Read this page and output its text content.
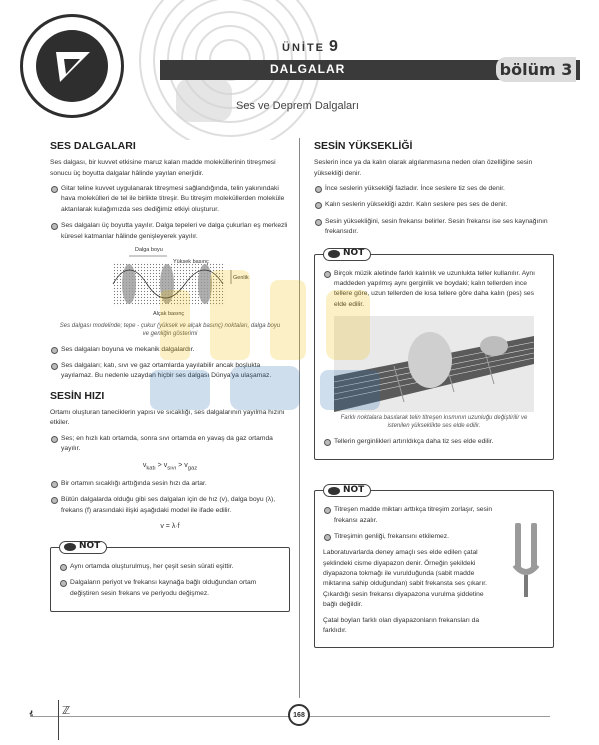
ÜNİTE 9
DALGALAR	bölüm 3
Ses ve Deprem Dalgaları
SES DALGALARI
Ses dalgası, bir kuvvet etkisine maruz kalan madde moleküllerinin titreşmesi sonucu üç boyutta dalgalar hâlinde yayılan enerjidir.
Gitar teline kuvvet uygulanarak titreşmesi sağlandığında, telin yakınındaki hava molekülleri de tel ile birlikte titreşir. Bu titreşim moleküllerden moleküle aktarılarak kulağımızda ses dediğimiz etkiyi oluşturur.
Ses dalgaları üç boyutta yayılır. Dalga tepeleri ve dalga çukurları eş merkezli küresel katmanlar hâlinde genişleyerek yayılır.
Dalga boyu
Yüksek basınç
Genlik
Alçak basınç
Ses dalgası modelinde; tepe - çukur (yüksek ve alçak basınç) noktaları, dalga boyu ve genliğin gösterimi
Ses dalgaları boyuna ve mekanik dalgalardır.
Ses dalgaları; katı, sıvı ve gaz ortamlarda yayılabilir ancak boşlukta yayılamaz. Bu nedenle uzaydan hiçbir ses dalgası Dünya'ya ulaşamaz.
SESİN HIZI
Ortamı oluşturan taneciklerin yapısı ve sıcaklığı, ses dalgalarının yayılma hızını etkiler.
Ses; en hızlı katı ortamda, sonra sıvı ortamda en yavaş da gaz ortamda yayılır.
$v_{katı} > v_{sıvı} > v_{gaz}$
Bir ortamın sıcaklığı arttığında sesin hızı da artar.
Bütün dalgalarda olduğu gibi ses dalgaları için de hız (v), dalga boyu (λ), frekans (f) arasındaki ilişki aşağıdaki model ile ifade edilir.
v = λ·f
NOT
Aynı ortamda oluşturulmuş, her çeşit sesin sürati eşittir.
Dalgaların periyot ve frekansı kaynağa bağlı olduğundan ortam değiştiren sesin frekans ve periyodu değişmez.
SESİN YÜKSEKLİĞİ
Seslerin ince ya da kalın olarak algılanmasına neden olan özelliğine sesin yüksekliği denir.
İnce seslerin yüksekliği fazladır. İnce seslere tiz ses de denir.
Kalın seslerin yüksekliği azdır. Kalın seslere pes ses de denir.
Sesin yüksekliğini, sesin frekansı belirler. Sesin frekansı ise ses kaynağının frekansıdır.
NOT
Birçok müzik aletinde farklı kalınlık ve uzunlukta teller kullanılır. Aynı maddeden yapılmış aynı gerginlik ve boydaki; kalın tellerden ince tellere göre, uzun tellerden de kısa tellere göre daha kalın (pes) ses elde edilir.
Farklı noktalara basılarak telin titreşen kısmının uzunluğu değiştirilir ve istenilen yükseklikte ses elde edilir.
Tellerin gerginlikleri artırıldıkça daha tiz ses elde edilir.
NOT
Titreşen madde miktarı arttıkça titreşim zorlaşır, sesin frekansı azalır.
Titreşimin genliği, frekansını etkilemez.
Laboratuvarlarda deney amaçlı ses elde edilen çatal şeklindeki cisme diyapazon denir. Örneğin şekildeki diyapazona tokmağı ile vurulduğunda (sabit madde miktarına sahip olduğundan) sabit frekansta ses çıkarır. Çıkardığı sesin frekansı diyapazona vurulma şiddetine bağlı değildir.
Çatal boyları farklı olan diyapazonların frekansları da farklıdır.
ﯾ	ℤ	168
